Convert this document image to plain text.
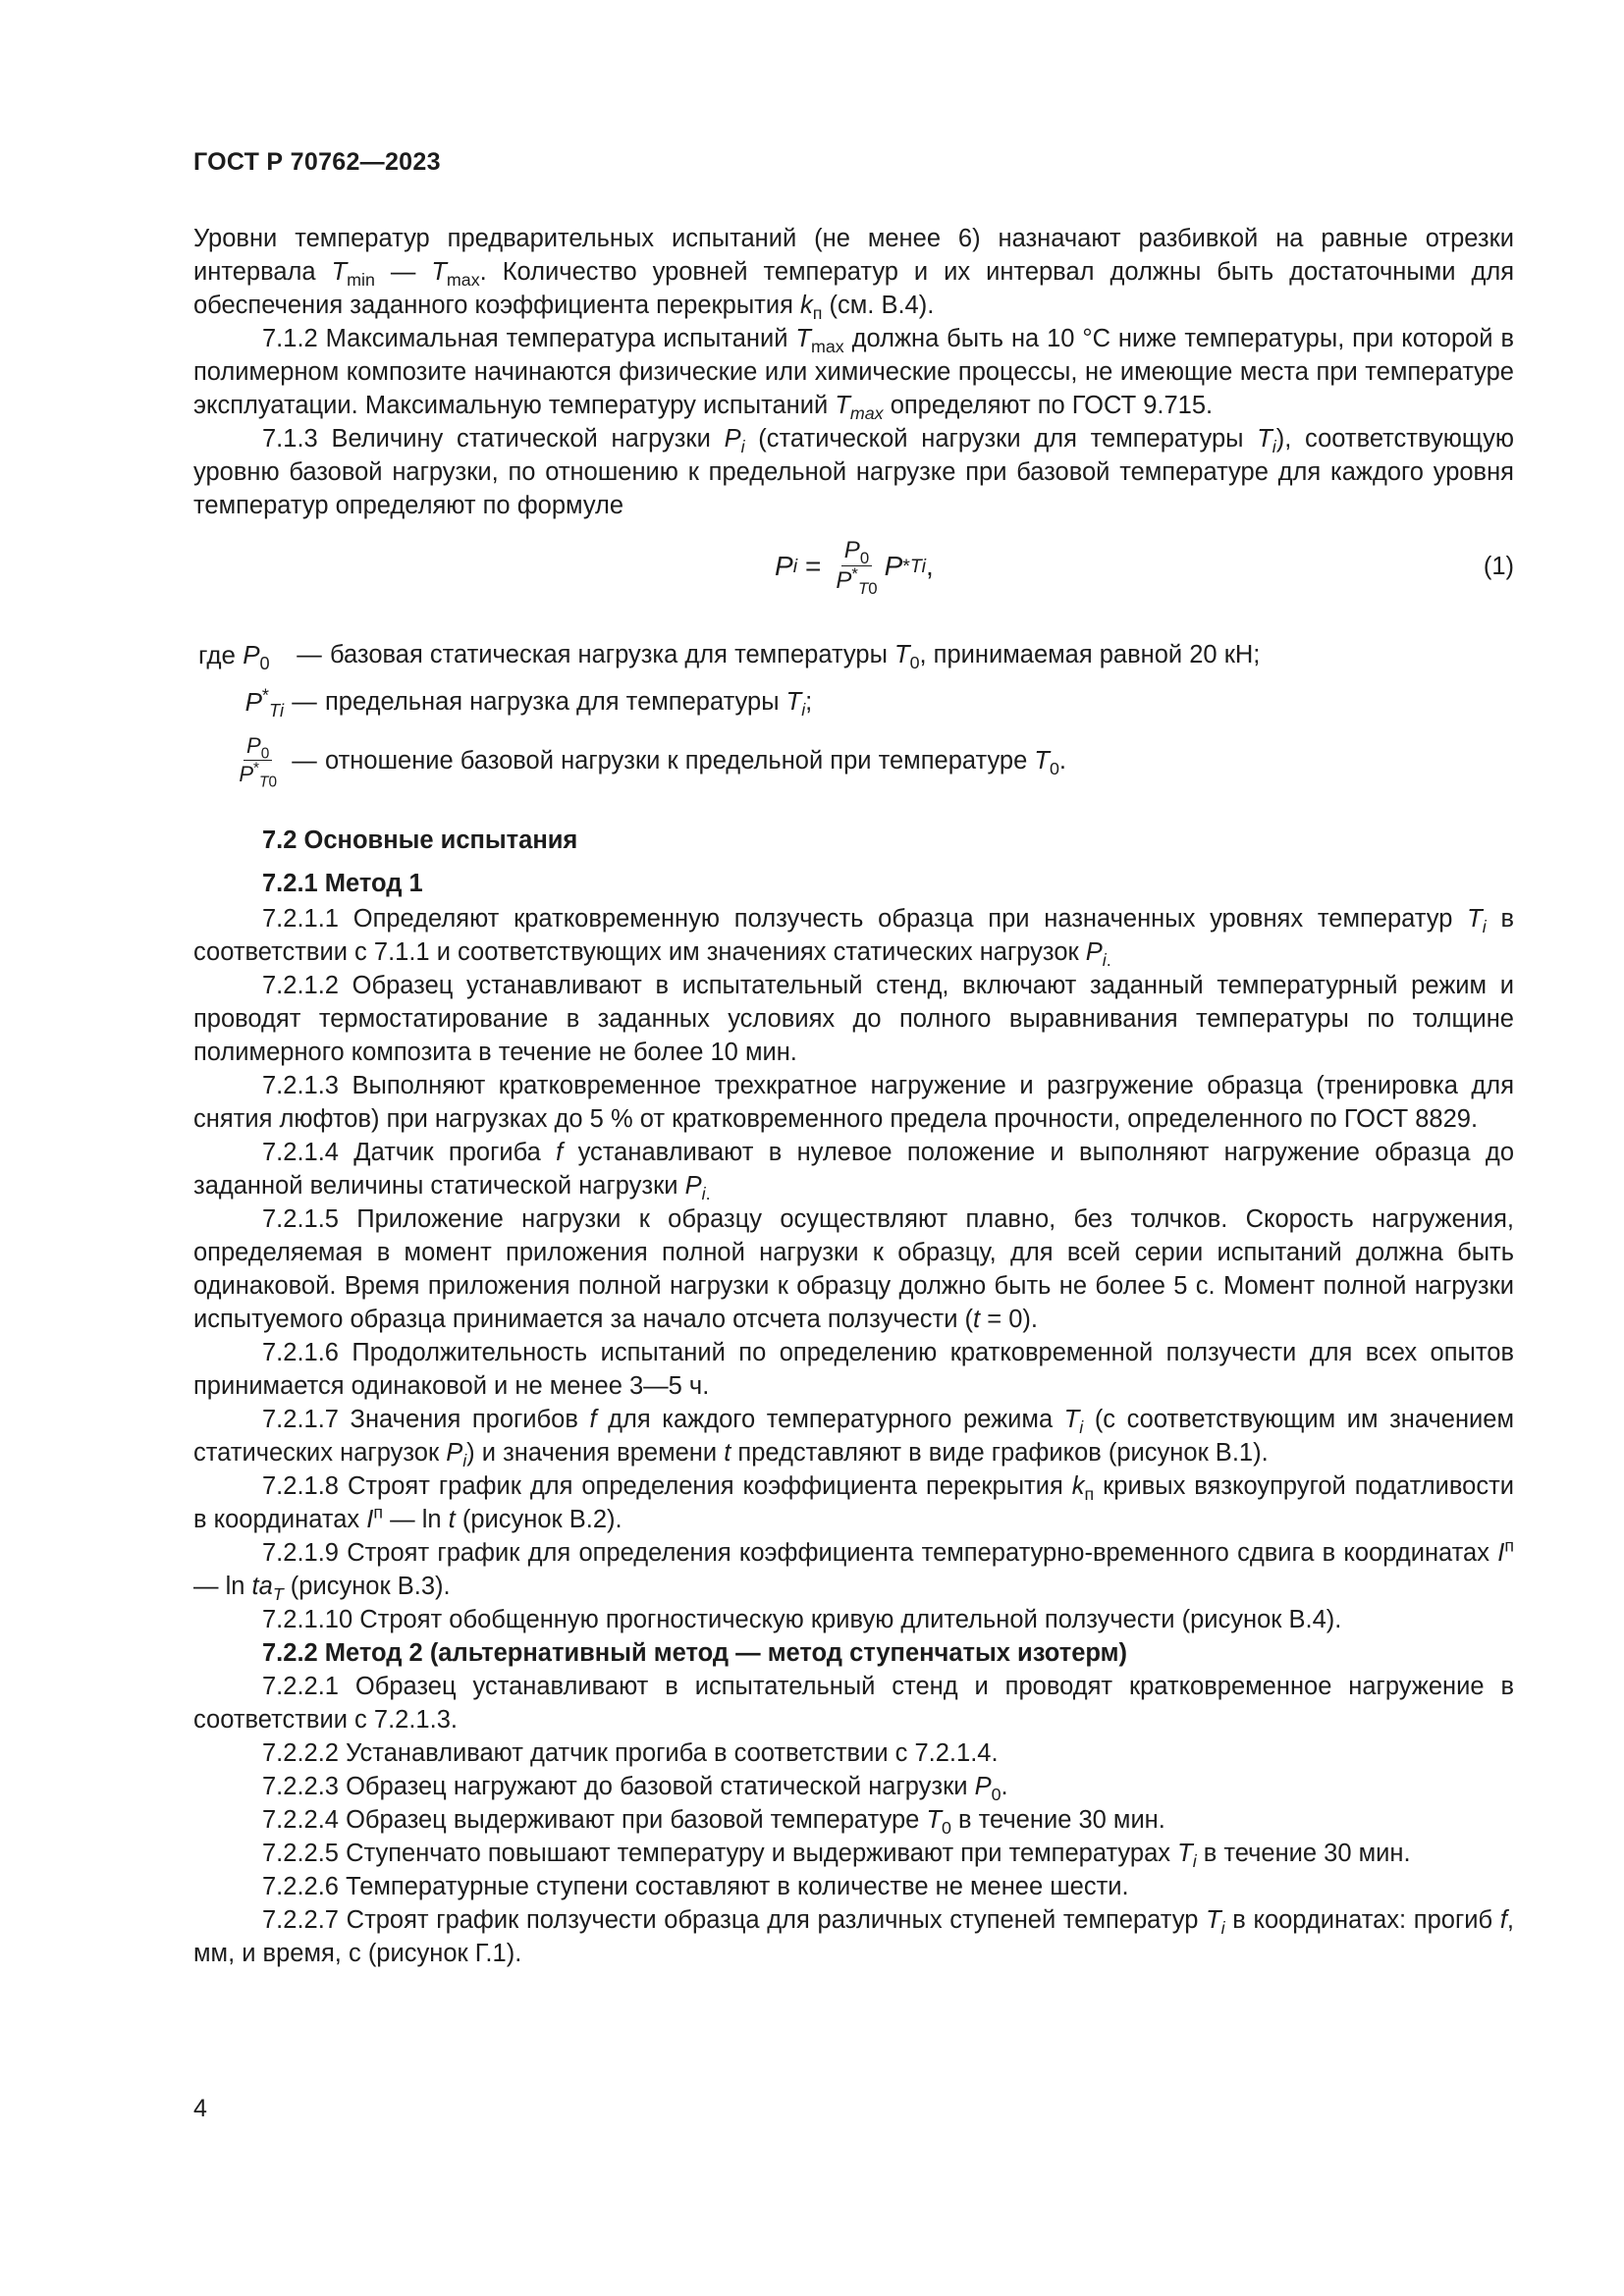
ГОСТ Р 70762—2023

Уровни температур предварительных испытаний (не менее 6) назначают разбивкой на равные отрезки интервала $T_{min}$ — $T_{max}$. Количество уровней температур и их интервал должны быть достаточными для обеспечения заданного коэффициента перекрытия $k_п$ (см. В.4).

7.1.2 Максимальная температура испытаний $T_{max}$ должна быть на 10 °С ниже температуры, при которой в полимерном композите начинаются физические или химические процессы, не имеющие места при температуре эксплуатации. Максимальную температуру испытаний $T_{max}$ определяют по ГОСТ 9.715.

7.1.3 Величину статической нагрузки $P_i$ (статической нагрузки для температуры $T_i$), соответствующую уровню базовой нагрузки, по отношению к предельной нагрузке при базовой температуре для каждого уровня температур определяют по формуле

P $i = \frac{P_0}{P^*_{T0}}$ P * Ti ,	(1)
где $P_0$	— базовая статическая нагрузка для температуры $T_0$, принимаемая равной 20 кН;
$P^*_{Ti}$ — предельная нагрузка для температуры $T_i$;
$\frac{P_0}{P^*_{T0}}$ — отношение базовой нагрузки к предельной при температуре $T_0$.

7.2 Основные испытания

7.2.1 Метод 1

7.2.1.1 Определяют кратковременную ползучесть образца при назначенных уровнях температур $T_i$ в соответствии с 7.1.1 и соответствующих им значениях статических нагрузок $P_{i.}$

7.2.1.2 Образец устанавливают в испытательный стенд, включают заданный температурный режим и проводят термостатирование в заданных условиях до полного выравнивания температуры по толщине полимерного композита в течение не более 10 мин.

7.2.1.3 Выполняют кратковременное трехкратное нагружение и разгружение образца (тренировка для снятия люфтов) при нагрузках до 5 % от кратковременного предела прочности, определенного по ГОСТ 8829.

7.2.1.4 Датчик прогиба f устанавливают в нулевое положение и выполняют нагружение образца до заданной величины статической нагрузки $P_{i.}$

7.2.1.5 Приложение нагрузки к образцу осуществляют плавно, без толчков. Скорость нагружения, определяемая в момент приложения полной нагрузки к образцу, для всей серии испытаний должна быть одинаковой. Время приложения полной нагрузки к образцу должно быть не более 5 с. Момент полной нагрузки испытуемого образца принимается за начало отсчета ползучести (t = 0).

7.2.1.6 Продолжительность испытаний по определению кратковременной ползучести для всех опытов принимается одинаковой и не менее 3—5 ч.

7.2.1.7 Значения прогибов f для каждого температурного режима $T_i$ (с соответствующим им значением статических нагрузок $P_i$) и значения времени t представляют в виде графиков (рисунок В.1).

7.2.1.8 Строят график для определения коэффициента перекрытия $k_п$ кривых вязкоупругой податливости в координатах $I^п$ — ln t (рисунок В.2).

7.2.1.9 Строят график для определения коэффициента температурно-временного сдвига в координатах $I^п$ — $\ln ta_T$ (рисунок В.3).

7.2.1.10 Строят обобщенную прогностическую кривую длительной ползучести (рисунок В.4).

7.2.2 Метод 2 (альтернативный метод — метод ступенчатых изотерм)

7.2.2.1 Образец устанавливают в испытательный стенд и проводят кратковременное нагружение в соответствии с 7.2.1.3.

7.2.2.2 Устанавливают датчик прогиба в соответствии с 7.2.1.4.

7.2.2.3 Образец нагружают до базовой статической нагрузки $P_0$.

7.2.2.4 Образец выдерживают при базовой температуре $T_0$ в течение 30 мин.

7.2.2.5 Ступенчато повышают температуру и выдерживают при температурах $T_i$ в течение 30 мин.

7.2.2.6 Температурные ступени составляют в количестве не менее шести.

7.2.2.7 Строят график ползучести образца для различных ступеней температур $T_i$ в координатах: прогиб f, мм, и время, с (рисунок Г.1).

4
